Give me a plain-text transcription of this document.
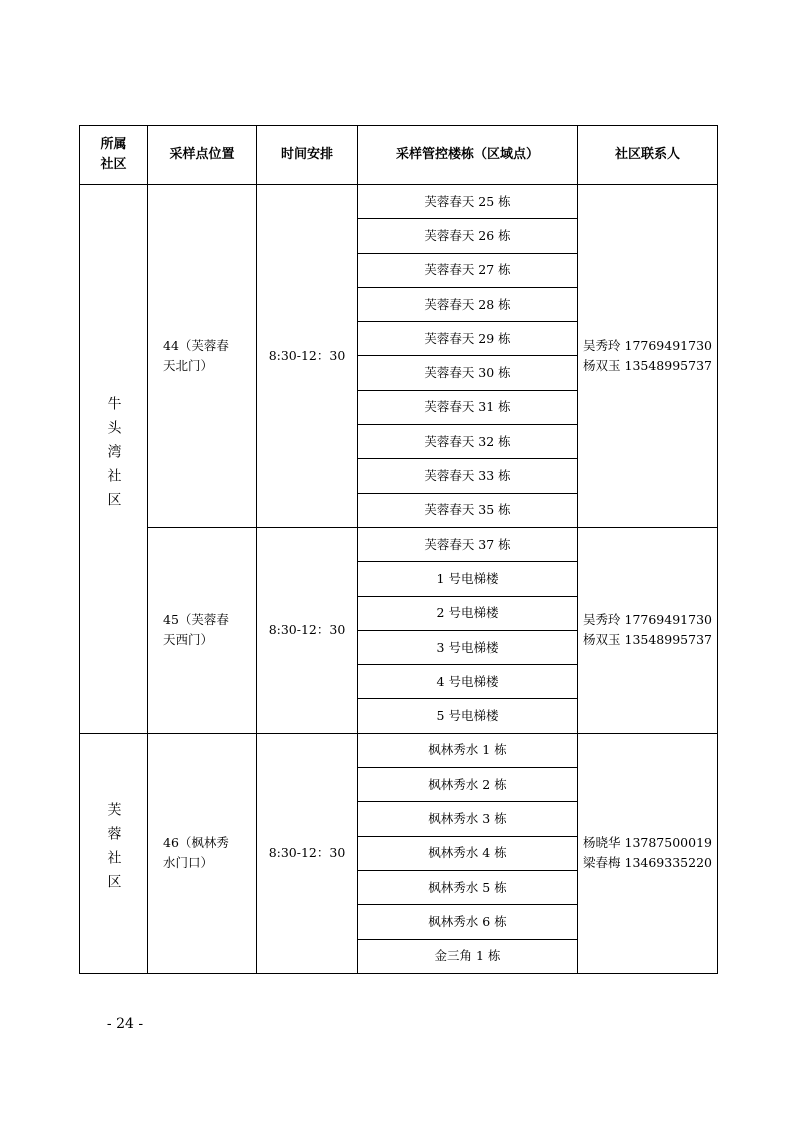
所属社区	采样点位置	时间安排	采样管控楼栋（区域点）	社区联系人
牛头湾社区	44（芙蓉春天北门）	8:30-12：30	芙蓉春天 25 栋	吴秀玲 17769491730
杨双玉 13548995737

			芙蓉春天 26 栋	
			芙蓉春天 27 栋	
			芙蓉春天 28 栋	
			芙蓉春天 29 栋	
			芙蓉春天 30 栋	
			芙蓉春天 31 栋	
			芙蓉春天 32 栋	
			芙蓉春天 33 栋	
			芙蓉春天 35 栋	
	45（芙蓉春天西门）	8:30-12：30	芙蓉春天 37 栋	吴秀玲 17769491730
杨双玉 13548995737

			1 号电梯楼	
			2 号电梯楼	
			3 号电梯楼	
			4 号电梯楼	
			5 号电梯楼	
芙蓉社区	46（枫林秀水门口）	8:30-12：30	枫林秀水 1 栋	杨晓华 13787500019
梁春梅 13469335220

			枫林秀水 2 栋	
			枫林秀水 3 栋	
			枫林秀水 4 栋	
			枫林秀水 5 栋	
			枫林秀水 6 栋	
			金三角 1 栋	
- 24 -
